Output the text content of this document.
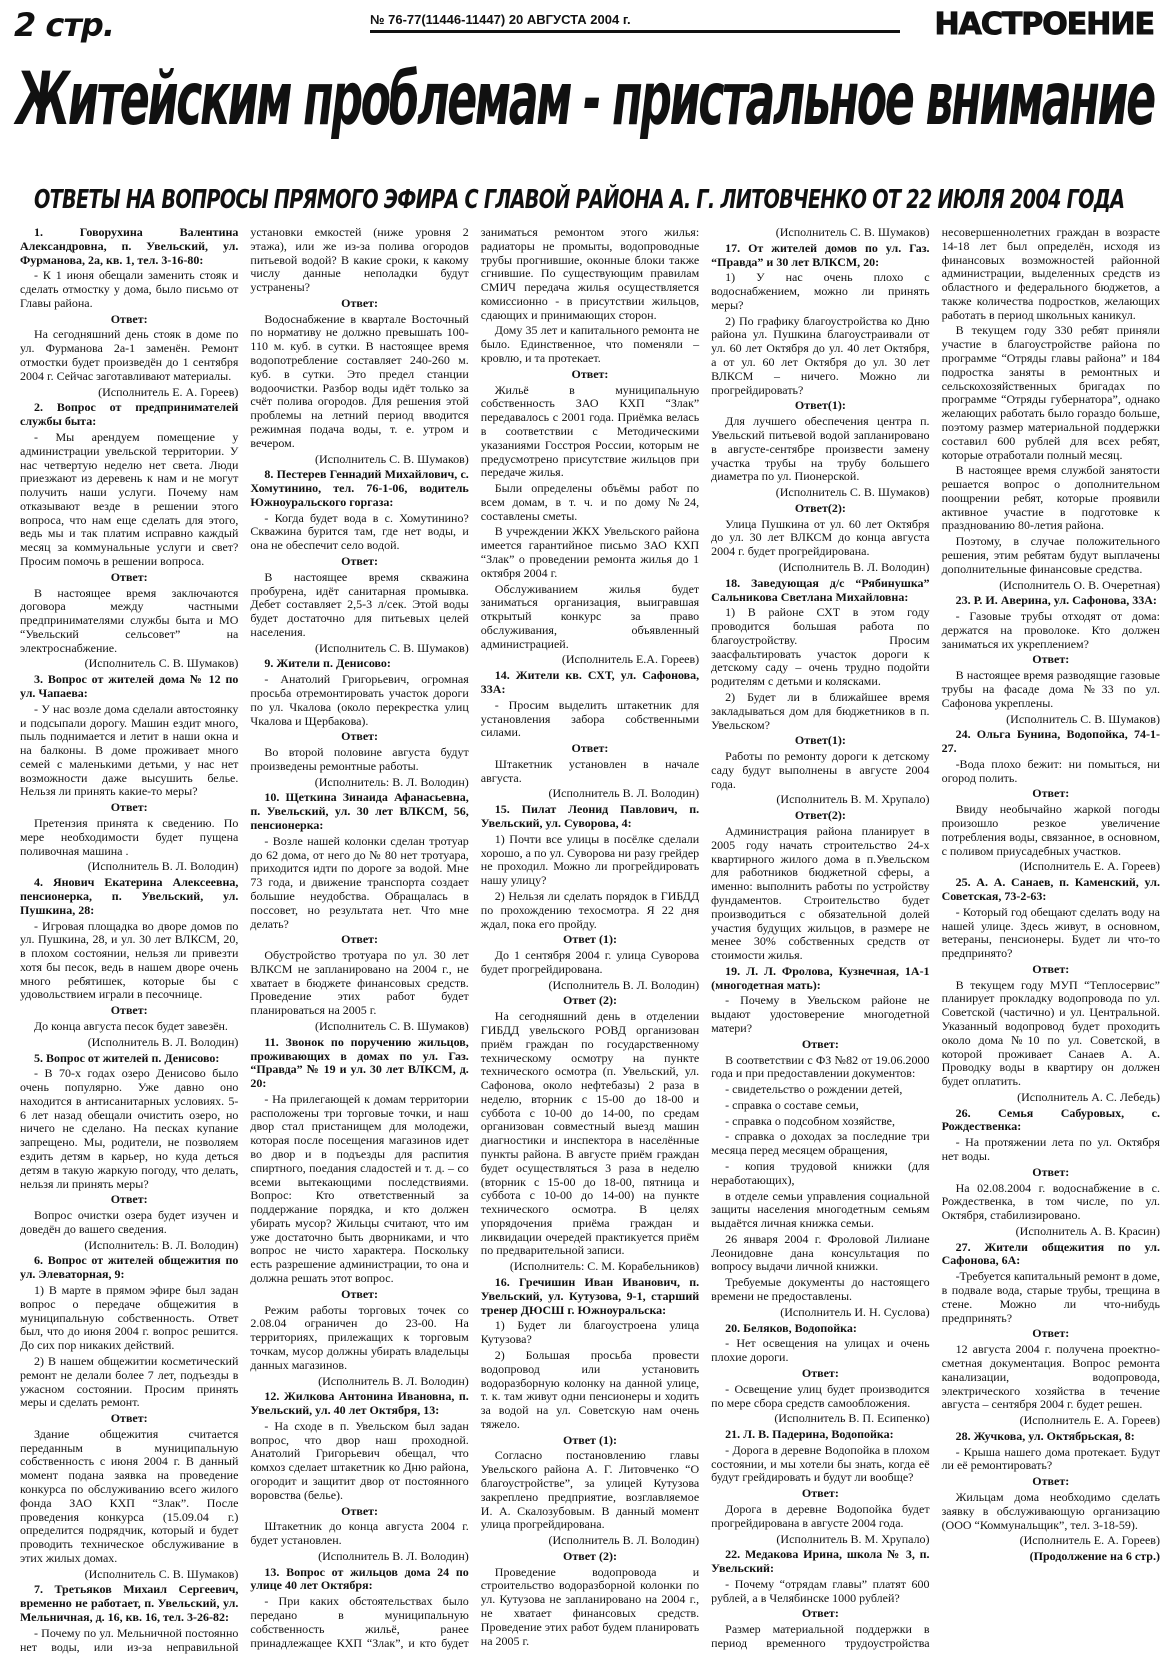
2 стр.	№ 76-77(11446-11447) 20 АВГУСТА 2004 г.	НАСТРОЕНИЕ
Житейским проблемам - пристальное внимание
ОТВЕТЫ НА ВОПРОСЫ ПРЯМОГО ЭФИРА С ГЛАВОЙ РАЙОНА А. Г. ЛИТОВЧЕНКО ОТ 22 ИЮЛЯ 2004 ГОДА

1. Говорухина Валентина Александровна, п. Увельский, ул. Фурманова, 2а, кв. 1, тел. 3-16-80:

- К 1 июня обещали заменить стояк и сделать отмостку у дома, было письмо от Главы района.

Ответ:

На сегодняшний день стояк в доме по ул. Фурманова 2а-1 заменён. Ремонт отмостки будет произведён до 1 сентября 2004 г. Сейчас заготавливают материалы.

(Исполнитель Е. А. Гореев)

2. Вопрос от предпринимателей службы быта:

- Мы арендуем помещение у администрации увельской территории. У нас четвертую неделю нет света. Люди приезжают из деревень к нам и не могут получить наши услуги. Почему нам отказывают везде в решении этого вопроса, что нам еще сделать для этого, ведь мы и так платим исправно каждый месяц за коммунальные услуги и свет? Просим помочь в решении вопроса.

Ответ:

В настоящее время заключаются договора между частными предпринимателями службы быта и МО “Увельский сельсовет” на электроснабжение.

(Исполнитель С. В. Шумаков)

3. Вопрос от жителей дома № 12 по ул. Чапаева:

- У нас возле дома сделали автостоянку и подсыпали дорогу. Машин ездит много, пыль поднимается и летит в наши окна и на балконы. В доме проживает много семей с маленькими детьми, у нас нет возможности даже высушить белье. Нельзя ли принять какие-то меры?

Ответ:

Претензия принята к сведению. По мере необходимости будет пущена поливочная машина .

(Исполнитель В. Л. Володин)

4. Янович Екатерина Алексеевна, пенсионерка, п. Увельский, ул. Пушкина, 28:

- Игровая площадка во дворе домов по ул. Пушкина, 28, и ул. 30 лет ВЛКСМ, 20, в плохом состоянии, нельзя ли привезти хотя бы песок, ведь в нашем дворе очень много ребятишек, которые бы с удовольствием играли в песочнице.

Ответ:

До конца августа песок будет завезён.

(Исполнитель В. Л. Володин)

5. Вопрос от жителей п. Денисово:

- В 70-х годах озеро Денисово было очень популярно. Уже давно оно находится в антисанитарных условиях. 5-6 лет назад обещали очистить озеро, но ничего не сделано. На песках купание запрещено. Мы, родители, не позволяем ездить детям в карьер, но куда деться детям в такую жаркую погоду, что делать, нельзя ли принять меры?

Ответ:

Вопрос очистки озера будет изучен и доведён до вашего сведения.

(Исполнитель: В. Л. Володин)

6. Вопрос от жителей общежития по ул. Элеваторная, 9:

1) В марте в прямом эфире был задан вопрос о передаче общежития в муниципальную собственность. Ответ был, что до июня 2004 г. вопрос решится. До сих пор никаких действий.

2) В нашем общежитии косметический ремонт не делали более 7 лет, подъезды в ужасном состоянии. Просим принять меры и сделать ремонт.

Ответ:

Здание общежития считается переданным в муниципальную собственность с июня 2004 г. В данный момент подана заявка на проведение конкурса по обслуживанию всего жилого фонда ЗАО КХП “Злак”. После проведения конкурса (15.09.04 г.) определится подрядчик, который и будет проводить техническое обслуживание в этих жилых домах.

(Исполнитель С. В. Шумаков)

7. Третьяков Михаил Сергеевич, временно не работает, п. Увельский, ул. Мельничная, д. 16, кв. 16, тел. 3-26-82:

- Почему по ул. Мельничной постоянно нет воды, или из-за неправильной установки емкостей (ниже уровня 2 этажа), или же из-за полива огородов питьевой водой? В какие сроки, к какому числу данные неполадки будут устранены?

Ответ:

Водоснабжение в квартале Восточный по нормативу не должно превышать 100-110 м. куб. в сутки. В настоящее время водопотребление составляет 240-260 м. куб. в сутки. Это предел станции водоочистки. Разбор воды идёт только за счёт полива огородов. Для решения этой проблемы на летний период вводится режимная подача воды, т. е. утром и вечером.

(Исполнитель С. В. Шумаков)

8. Пестерев Геннадий Михайлович, с. Хомутинино, тел. 76-1-06, водитель Южноуральского горгаза:

- Когда будет вода в с. Хомутинино? Скважина бурится там, где нет воды, и она не обеспечит село водой.

Ответ:

В настоящее время скважина пробурена, идёт санитарная промывка. Дебет составляет 2,5-3 л/сек. Этой воды будет достаточно для питьевых целей населения.

(Исполнитель С. В. Шумаков)

9. Жители п. Денисово:

- Анатолий Григорьевич, огромная просьба отремонтировать участок дороги по ул. Чкалова (около перекрестка улиц Чкалова и Щербакова).

Ответ:

Во второй половине августа будут произведены ремонтные работы.

(Исполнитель: В. Л. Володин)

10. Щеткина Зинаида Афанасьевна, п. Увельский, ул. 30 лет ВЛКСМ, 56, пенсионерка:

- Возле нашей колонки сделан тротуар до 62 дома, от него до № 80 нет тротуара, приходится идти по дороге за водой. Мне 73 года, и движение транспорта создает большие неудобства. Обращалась в поссовет, но результата нет. Что мне делать?

Ответ:

Обустройство тротуара по ул. 30 лет ВЛКСМ не запланировано на 2004 г., не хватает в бюджете финансовых средств. Проведение этих работ будет планироваться на 2005 г.

(Исполнитель С. В. Шумаков)

11. Звонок по поручению жильцов, проживающих в домах по ул. Газ. “Правда” № 19 и ул. 30 лет ВЛКСМ, д. 20:

- На прилегающей к домам территории расположены три торговые точки, и наш двор стал пристанищем для молодежи, которая после посещения магазинов идет во двор и в подъезды для распития спиртного, поедания сладостей и т. д. – со всеми вытекающими последствиями. Вопрос: Кто ответственный за поддержание порядка, и кто должен убирать мусор? Жильцы считают, что им уже достаточно быть дворниками, и что вопрос не чисто характера. Поскольку есть разрешение администрации, то она и должна решать этот вопрос.

Ответ:

Режим работы торговых точек со 2.08.04 ограничен до 23-00. На территориях, прилежащих к торговым точкам, мусор должны убирать владельцы данных магазинов.

(Исполнитель В. Л. Володин)

12. Жилкова Антонина Ивановна, п. Увельский, ул. 40 лет Октября, 13:

- На сходе в п. Увельском был задан вопрос, что двор наш проходной. Анатолий Григорьевич обещал, что комхоз сделает штакетник ко Дню района, огородит и защитит двор от постоянного воровства (белье).

Ответ:

Штакетник до конца августа 2004 г. будет установлен.

(Исполнитель В. Л. Володин)

13. Вопрос от жильцов дома 24 по улице 40 лет Октября:

- При каких обстоятельствах было передано в муниципальную собственность жильё, ранее принадлежащее КХП “Злак”, и кто будет заниматься ремонтом этого жилья: радиаторы не промыты, водопроводные трубы прогнившие, оконные блоки также сгнившие. По существующим правилам СМИЧ передача жилья осуществляется комиссионно - в присутствии жильцов, сдающих и принимающих сторон.

Дому 35 лет и капитального ремонта не было. Единственное, что поменяли – кровлю, и та протекает.

Ответ:

Жильё в муниципальную собственность ЗАО КХП “Злак” передавалось с 2001 года. Приёмка велась в соответствии с Методическими указаниями Госстроя России, которым не предусмотрено присутствие жильцов при передаче жилья.

Были определены объёмы работ по всем домам, в т. ч. и по дому №24, составлены сметы.

В учреждении ЖКХ Увельского района имеется гарантийное письмо ЗАО КХП “Злак” о проведении ремонта жилья до 1 октября 2004 г.

Обслуживанием жилья будет заниматься организация, выигравшая открытый конкурс за право обслуживания, объявленный администрацией.

(Исполнитель Е.А. Гореев)

14. Жители кв. СХТ, ул. Сафонова, 33А:

- Просим выделить штакетник для установления забора собственными силами.

Ответ:

Штакетник установлен в начале августа.

(Исполнитель В. Л. Володин)

15. Пилат Леонид Павлович, п. Увельский, ул. Суворова, 4:

1) Почти все улицы в посёлке сделали хорошо, а по ул. Суворова ни разу грейдер не проходил. Можно ли прогрейдировать нашу улицу?

2) Нельзя ли сделать порядок в ГИБДД по прохождению техосмотра. Я 22 дня ждал, пока его пройду.

Ответ (1):

До 1 сентября 2004 г. улица Суворова будет прогрейдирована.

(Исполнитель В. Л. Володин)

Ответ (2):

На сегодняшний день в отделении ГИБДД увельского РОВД организован приём граждан по государственному техническому осмотру на пункте технического осмотра (п. Увельский, ул. Сафонова, около нефтебазы) 2 раза в неделю, вторник с 15-00 до 18-00 и суббота с 10-00 до 14-00, по средам организован совместный выезд машин диагностики и инспектора в населённые пункты района. В августе приём граждан будет осуществляться 3 раза в неделю (вторник с 15-00 до 18-00, пятница и суббота с 10-00 до 14-00) на пункте технического осмотра. В целях упорядочения приёма граждан и ликвидации очередей практикуется приём по предварительной записи.

(Исполнитель: С. М. Корабельников)

16. Гречишин Иван Иванович, п. Увельский, ул. Кутузова, 9-1, старший тренер ДЮСШ г. Южноуральска:

1) Будет ли благоустроена улица Кутузова?

2) Большая просьба провести водопровод или установить водоразборную колонку на данной улице, т. к. там живут одни пенсионеры и ходить за водой на ул. Советскую нам очень тяжело.

Ответ (1):

Согласно постановлению главы Увельского района А. Г. Литовченко “О благоустройстве”, за улицей Кутузова закреплено предприятие, возглавляемое И. А. Скалозубовым. В данный момент улица прогрейдирована.

(Исполнитель В. Л. Володин)

Ответ (2):

Проведение водопровода и строительство водоразборной колонки по ул. Кутузова не запланировано на 2004 г., не хватает финансовых средств. Проведение этих работ будем планировать на 2005 г.

(Исполнитель С. В. Шумаков)

17. От жителей домов по ул. Газ. “Правда” и 30 лет ВЛКСМ, 20:

1) У нас очень плохо с водоснабжением, можно ли принять меры?

2) По графику благоустройства ко Дню района ул. Пушкина благоустраивали от ул. 60 лет Октября до ул. 40 лет Октября, а от ул. 60 лет Октября до ул. 30 лет ВЛКСМ – ничего. Можно ли прогрейдировать?

Ответ(1):

Для лучшего обеспечения центра п. Увельский питьевой водой запланировано в августе-сентябре произвести замену участка трубы на трубу большего диаметра по ул. Пионерской.

(Исполнитель С. В. Шумаков)

Ответ(2):

Улица Пушкина от ул. 60 лет Октября до ул. 30 лет ВЛКСМ до конца августа 2004 г. будет прогрейдирована.

(Исполнитель В. Л. Володин)

18. Заведующая д/с “Рябинушка” Сальникова Светлана Михайловна:

1) В районе СХТ в этом году проводится большая работа по благоустройству. Просим заасфальтировать участок дороги к детскому саду – очень трудно подойти родителям с детьми и колясками.

2) Будет ли в ближайшее время закладываться дом для бюджетников в п. Увельском?

Ответ(1):

Работы по ремонту дороги к детскому саду будут выполнены в августе 2004 года.

(Исполнитель В. М. Хрупало)

Ответ(2):

Администрация района планирует в 2005 году начать строительство 24-х квартирного жилого дома в п.Увельском для работников бюджетной сферы, а именно: выполнить работы по устройству фундаментов. Строительство будет производиться с обязательной долей участия будущих жильцов, в размере не менее 30% собственных средств от стоимости жилья.

19. Л. Л. Фролова, Кузнечная, 1А-1 (многодетная мать):

- Почему в Увельском районе не выдают удостоверение многодетной матери?

Ответ:

В соответствии с ФЗ №82 от 19.06.2000 года и при предоставлении документов:

- свидетельство о рождении детей,

- справка о составе семьи,

- справка о подсобном хозяйстве,

- справка о доходах за последние три месяца перед месяцем обращения,

- копия трудовой книжки (для неработающих),

в отделе семьи управления социальной защиты населения многодетным семьям выдаётся личная книжка семьи.

26 января 2004 г. Фроловой Лилиане Леонидовне дана консультация по вопросу выдачи личной книжки.

Требуемые документы до настоящего времени не предоставлены.

(Исполнитель И. Н. Суслова)

20. Беляков, Водопойка:

- Нет освещения на улицах и очень плохие дороги.

Ответ:

- Освещение улиц будет производится по мере сбора средств самообложения.

(Исполнитель В. П. Есипенко)

21. Л. В. Падерина, Водопойка:

- Дорога в деревне Водопойка в плохом состоянии, и мы хотели бы знать, когда её будут грейдировать и будут ли вообще?

Ответ:

Дорога в деревне Водопойка будет прогрейдирована в августе 2004 года.

(Исполнитель В. М. Хрупало)

22. Медакова Ирина, школа № 3, п. Увельский:

- Почему “отрядам главы” платят 600 рублей, а в Челябинске 1000 рублей?

Ответ:

Размер материальной поддержки в период временного трудоустройства несовершеннолетних граждан в возрасте 14-18 лет был определён, исходя из финансовых возможностей районной администрации, выделенных средств из областного и федерального бюджетов, а также количества подростков, желающих работать в период школьных каникул.

В текущем году 330 ребят приняли участие в благоустройстве района по программе “Отряды главы района” и 184 подростка заняты в ремонтных и сельскохозяйственных бригадах по программе “Отряды губернатора”, однако желающих работать было гораздо больше, поэтому размер материальной поддержки составил 600 рублей для всех ребят, которые отработали полный месяц.

В настоящее время службой занятости решается вопрос о дополнительном поощрении ребят, которые проявили активное участие в подготовке к празднованию 80-летия района.

Поэтому, в случае положительного решения, этим ребятам будут выплачены дополнительные финансовые средства.

(Исполнитель О. В. Очеретная)

23. Р. И. Аверина, ул. Сафонова, 33А:

- Газовые трубы отходят от дома: держатся на проволоке. Кто должен заниматься их укреплением?

Ответ:

В настоящее время разводящие газовые трубы на фасаде дома №33 по ул. Сафонова укреплены.

(Исполнитель С. В. Шумаков)

24. Ольга Бунина, Водопойка, 74-1-27.

-Вода плохо бежит: ни помыться, ни огород полить.

Ответ:

Ввиду необычайно жаркой погоды произошло резкое увеличение потребления воды, связанное, в основном, с поливом приусадебных участков.

(Исполнитель Е. А. Гореев)

25. А. А. Санаев, п. Каменский, ул. Советская, 73-2-63:

- Который год обещают сделать воду на нашей улице. Здесь живут, в основном, ветераны, пенсионеры. Будет ли что-то предпринято?

Ответ:

В текущем году МУП “Теплосервис” планирует прокладку водопровода по ул. Советской (частично) и ул. Центральной. Указанный водопровод будет проходить около дома №10 по ул. Советской, в которой проживает Санаев А. А. Проводку воды в квартиру он должен будет оплатить.

(Исполнитель А. С. Лебедь)

26. Семья Сабуровых, с. Рождественка:

- На протяжении лета по ул. Октября нет воды.

Ответ:

На 02.08.2004 г. водоснабжение в с. Рождественка, в том числе, по ул. Октября, стабилизировано.

(Исполнитель А. В. Красин)

27. Жители общежития по ул. Сафонова, 6А:

-Требуется капитальный ремонт в доме, в подвале вода, старые трубы, трещина в стене. Можно ли что-нибудь предпринять?

Ответ:

12 августа 2004 г. получена проектно-сметная документация. Вопрос ремонта канализации, водопровода, электрического хозяйства в течение августа – сентября 2004 г. будет решен.

(Исполнитель Е. А. Гореев)

28. Жучкова, ул. Октябрьская, 8:

- Крыша нашего дома протекает. Будут ли её ремонтировать?

Ответ:

Жильцам дома необходимо сделать заявку в обслуживающую организацию (ООО “Коммунальщик”, тел. 3-18-59).

(Исполнитель Е. А. Гореев)

(Продолжение на 6 стр.)
